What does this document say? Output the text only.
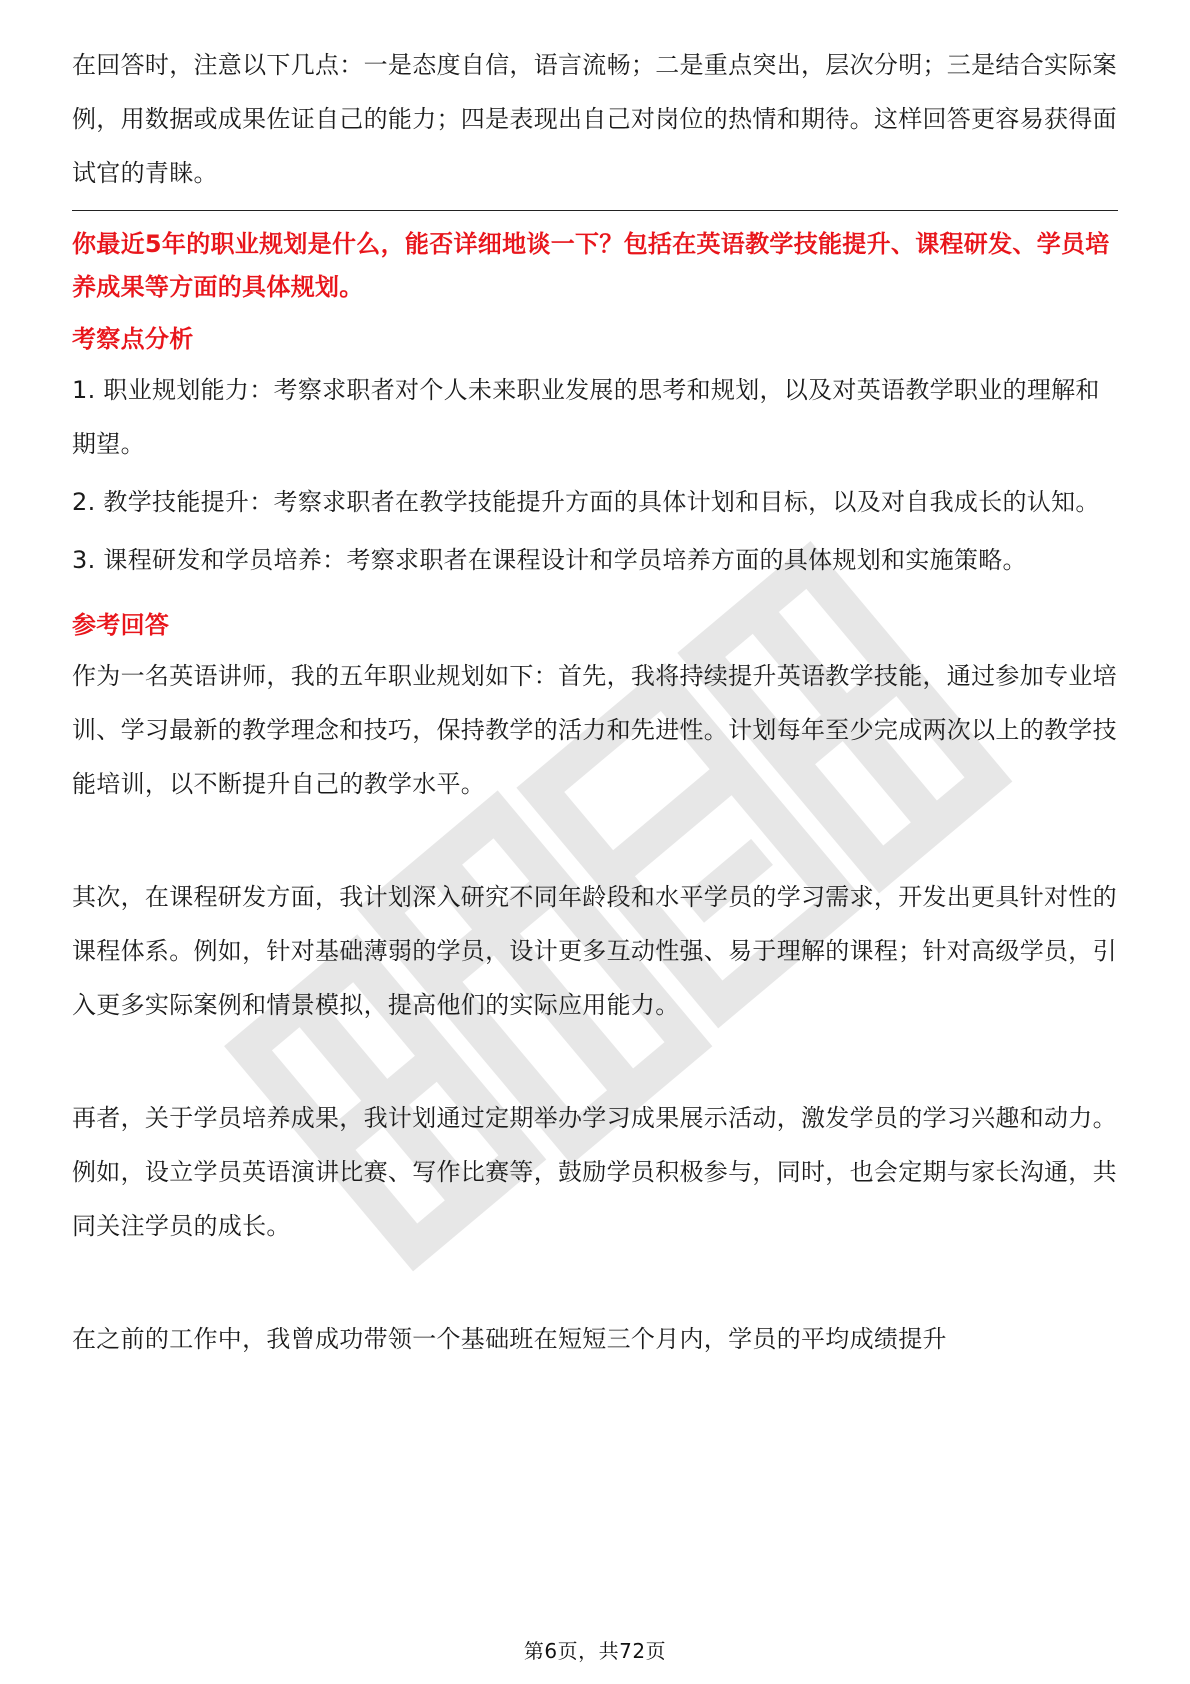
在回答时，注意以下几点：一是态度自信，语言流畅；二是重点突出，层次分明；三是结合实际案例，用数据或成果佐证自己的能力；四是表现出自己对岗位的热情和期待。这样回答更容易获得面试官的青睐。

你最近5年的职业规划是什么，能否详细地谈一下？包括在英语教学技能提升、课程研发、学员培养成果等方面的具体规划。
考察点分析

1. 职业规划能力：考察求职者对个人未来职业发展的思考和规划，以及对英语教学职业的理解和期望。

2. 教学技能提升：考察求职者在教学技能提升方面的具体计划和目标，以及对自我成长的认知。

3. 课程研发和学员培养：考察求职者在课程设计和学员培养方面的具体规划和实施策略。

参考回答

作为一名英语讲师，我的五年职业规划如下：首先，我将持续提升英语教学技能，通过参加专业培训、学习最新的教学理念和技巧，保持教学的活力和先进性。计划每年至少完成两次以上的教学技能培训，以不断提升自己的教学水平。

其次，在课程研发方面，我计划深入研究不同年龄段和水平学员的学习需求，开发出更具针对性的课程体系。例如，针对基础薄弱的学员，设计更多互动性强、易于理解的课程；针对高级学员，引入更多实际案例和情景模拟，提高他们的实际应用能力。

再者，关于学员培养成果，我计划通过定期举办学习成果展示活动，激发学员的学习兴趣和动力。例如，设立学员英语演讲比赛、写作比赛等，鼓励学员积极参与，同时，也会定期与家长沟通，共同关注学员的成长。

在之前的工作中，我曾成功带领一个基础班在短短三个月内，学员的平均成绩提升

第6页，共72页
